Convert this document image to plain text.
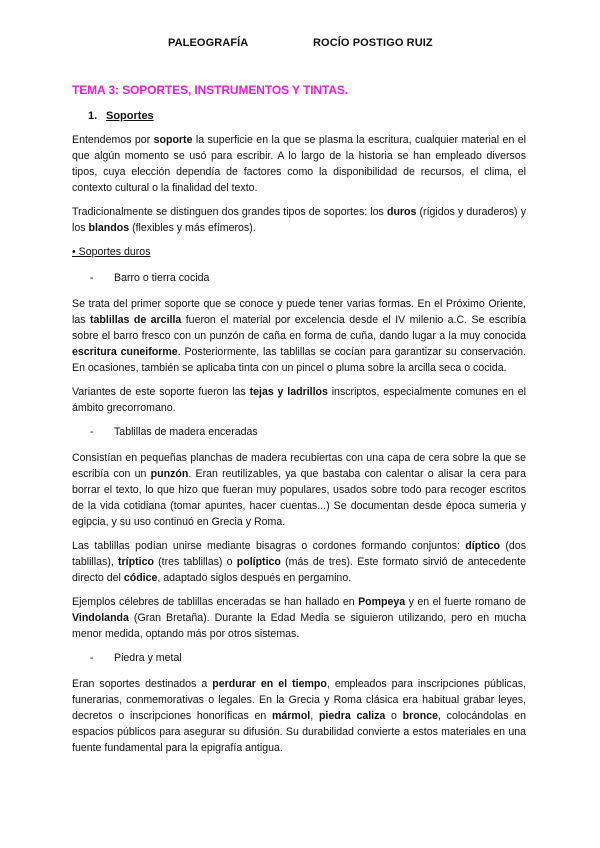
PALEOGRAFÍA	ROCÍO POSTIGO RUIZ
TEMA 3: SOPORTES, INSTRUMENTOS Y TINTAS.
1. Soportes

Entendemos por soporte la superficie en la que se plasma la escritura, cualquier material en el que algún momento se usó para escribir. A lo largo de la historia se han empleado diversos tipos, cuya elección dependía de factores como la disponibilidad de recursos, el clima, el contexto cultural o la finalidad del texto.

Tradicionalmente se distinguen dos grandes tipos de soportes: los duros (rígidos y duraderos) y los blandos (flexibles y más efímeros).

• Soportes duros
- Barro o tierra cocida

Se trata del primer soporte que se conoce y puede tener varias formas. En el Próximo Oriente, las tablillas de arcilla fueron el material por excelencia desde el IV milenio a.C. Se escribía sobre el barro fresco con un punzón de caña en forma de cuña, dando lugar a la muy conocida escritura cuneiforme. Posteriormente, las tablillas se cocían para garantizar su conservación. En ocasiones, también se aplicaba tinta con un pincel o pluma sobre la arcilla seca o cocida.

Variantes de este soporte fueron las tejas y ladrillos inscriptos, especialmente comunes en el ámbito grecorromano.

- Tablillas de madera enceradas

Consistían en pequeñas planchas de madera recubiertas con una capa de cera sobre la que se escribía con un punzón. Eran reutilizables, ya que bastaba con calentar o alisar la cera para borrar el texto, lo que hizo que fueran muy populares, usados sobre todo para recoger escritos de la vida cotidiana (tomar apuntes, hacer cuentas...) Se documentan desde época sumeria y egipcia, y su uso continuó en Grecia y Roma.

Las tablillas podían unirse mediante bisagras o cordones formando conjuntos: díptico (dos tablillas), tríptico (tres tablillas) o políptico (más de tres). Este formato sirvió de antecedente directo del códice, adaptado siglos después en pergamino.

Ejemplos célebres de tablillas enceradas se han hallado en Pompeya y en el fuerte romano de Vindolanda (Gran Bretaña). Durante la Edad Media se siguieron utilizando, pero en mucha menor medida, optando más por otros sistemas.

- Piedra y metal

Eran soportes destinados a perdurar en el tiempo, empleados para inscripciones públicas, funerarias, conmemorativas o legales. En la Grecia y Roma clásica era habitual grabar leyes, decretos o inscripciones honoríficas en mármol, piedra caliza o bronce, colocándolas en espacios públicos para asegurar su difusión. Su durabilidad convierte a estos materiales en una fuente fundamental para la epigrafía antigua.
